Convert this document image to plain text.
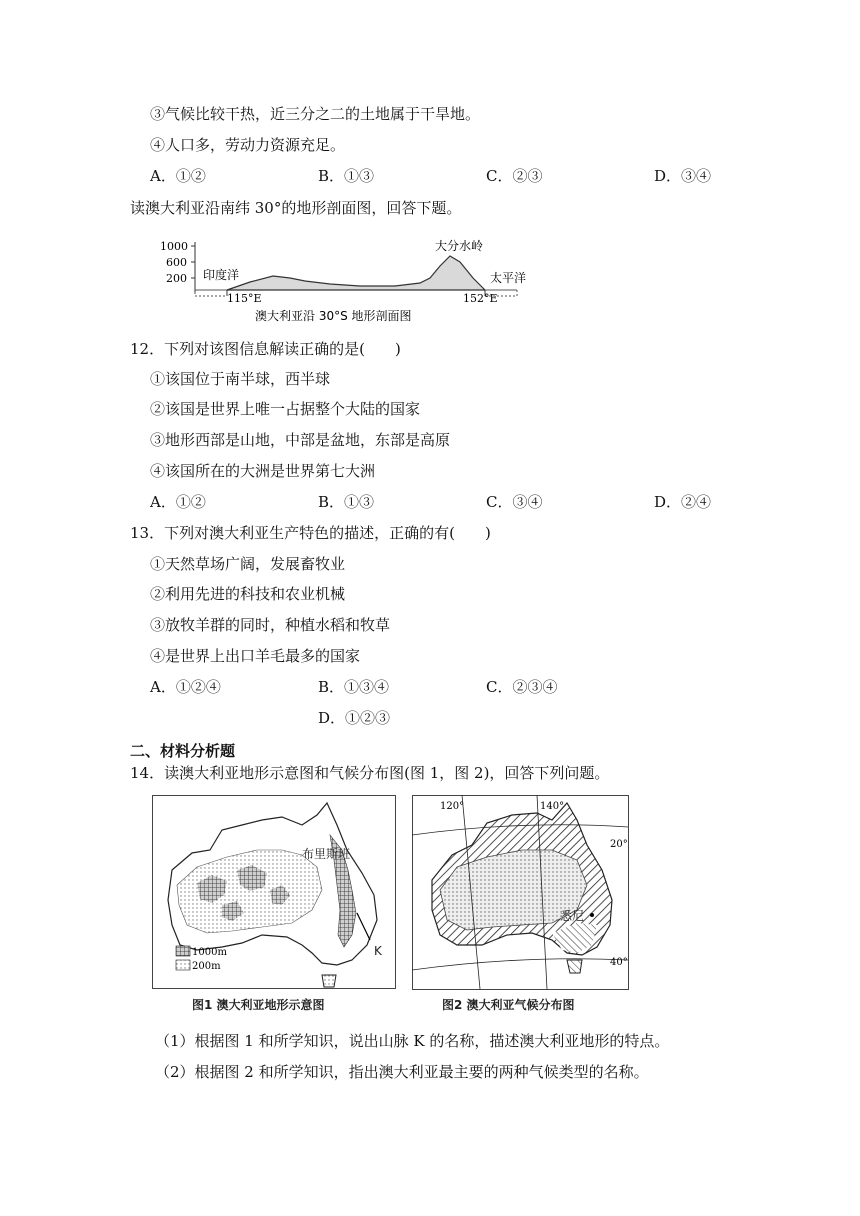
③气候比较干热，近三分之二的土地属于干旱地。
④人口多，劳动力资源充足。
A．①②	B．①③	C．②③	D．③④
读澳大利亚沿南纬 30°的地形剖面图，回答下题。
1000
600
200 印度洋	太平洋
大分水岭
115°E	152°E
澳大利亚沿 30°S 地形剖面图
12．下列对该图信息解读正确的是(　　)
①该国位于南半球，西半球
②该国是世界上唯一占据整个大陆的国家
③地形西部是山地，中部是盆地，东部是高原
④该国所在的大洲是世界第七大洲
A．①②	B．①③	C．③④	D．②④
13．下列对澳大利亚生产特色的描述，正确的有(　　)
①天然草场广阔，发展畜牧业
②利用先进的科技和农业机械
③放牧羊群的同时，种植水稻和牧草
④是世界上出口羊毛最多的国家
A．①②④	B．①③④	C．②③④
D．①②③
二、材料分析题
14．读澳大利亚地形示意图和气候分布图(图 1，图 2)，回答下列问题。
布里斯班
K
1000m
200m
图1 澳大利亚地形示意图
120°	140°
20°
40°
悉尼
图2 澳大利亚气候分布图
（1）根据图 1 和所学知识，说出山脉 K 的名称，描述澳大利亚地形的特点。
（2）根据图 2 和所学知识，指出澳大利亚最主要的两种气候类型的名称。
